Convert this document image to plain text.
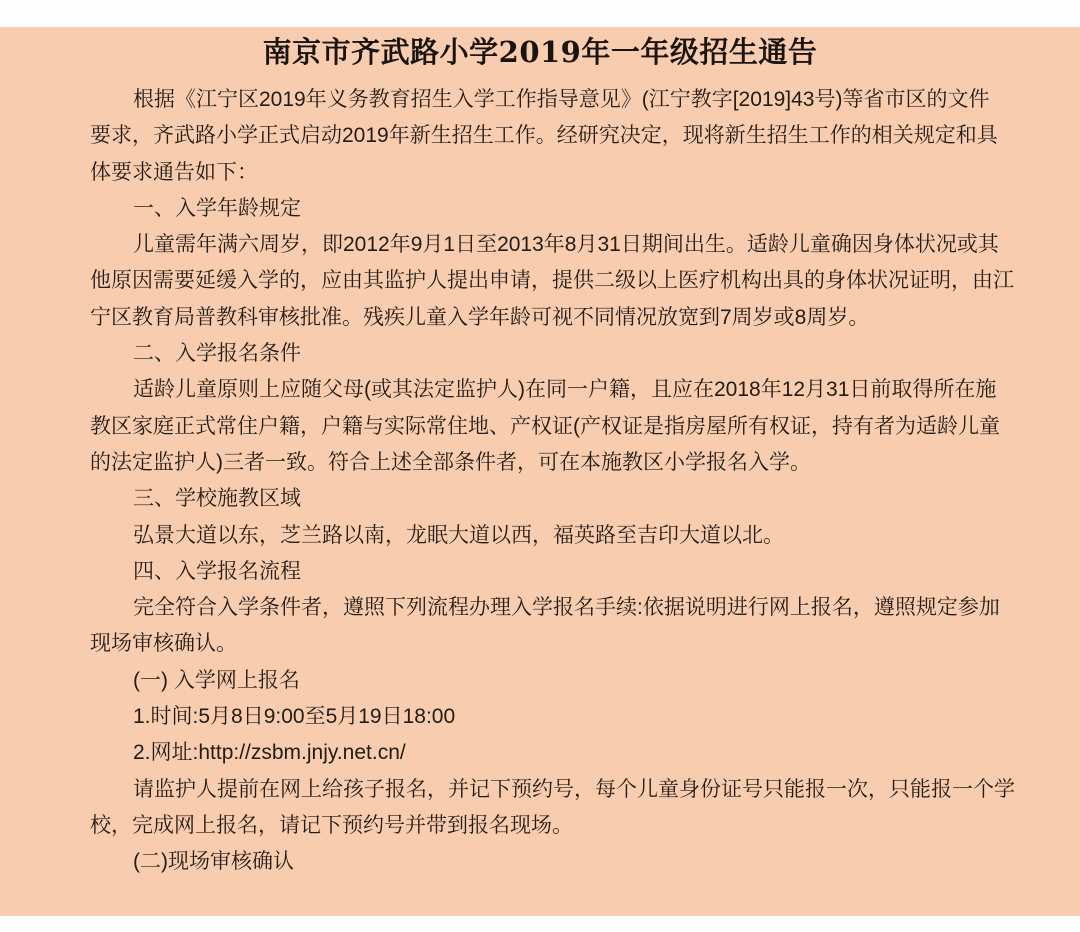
南京市齐武路小学2019年一年级招生通告
根据《江宁区2019年义务教育招生入学工作指导意见》(江宁教字[2019]43号)等省市区的文件
要求，齐武路小学正式启动2019年新生招生工作。经研究决定，现将新生招生工作的相关规定和具
体要求通告如下：
一、入学年龄规定
儿童需年满六周岁，即2012年9月1日至2013年8月31日期间出生。适龄儿童确因身体状况或其
他原因需要延缓入学的，应由其监护人提出申请，提供二级以上医疗机构出具的身体状况证明，由江
宁区教育局普教科审核批准。残疾儿童入学年龄可视不同情况放宽到7周岁或8周岁。
二、入学报名条件
适龄儿童原则上应随父母(或其法定监护人)在同一户籍，且应在2018年12月31日前取得所在施
教区家庭正式常住户籍，户籍与实际常住地、产权证(产权证是指房屋所有权证，持有者为适龄儿童
的法定监护人)三者一致。符合上述全部条件者，可在本施教区小学报名入学。
三、学校施教区域
弘景大道以东，芝兰路以南，龙眠大道以西，福英路至吉印大道以北。
四、入学报名流程
完全符合入学条件者，遵照下列流程办理入学报名手续:依据说明进行网上报名，遵照规定参加
现场审核确认。
(一) 入学网上报名
1.时间:5月8日9:00至5月19日18:00
2.网址:http://zsbm.jnjy.net.cn/
请监护人提前在网上给孩子报名，并记下预约号，每个儿童身份证号只能报一次，只能报一个学
校，完成网上报名，请记下预约号并带到报名现场。
(二)现场审核确认
